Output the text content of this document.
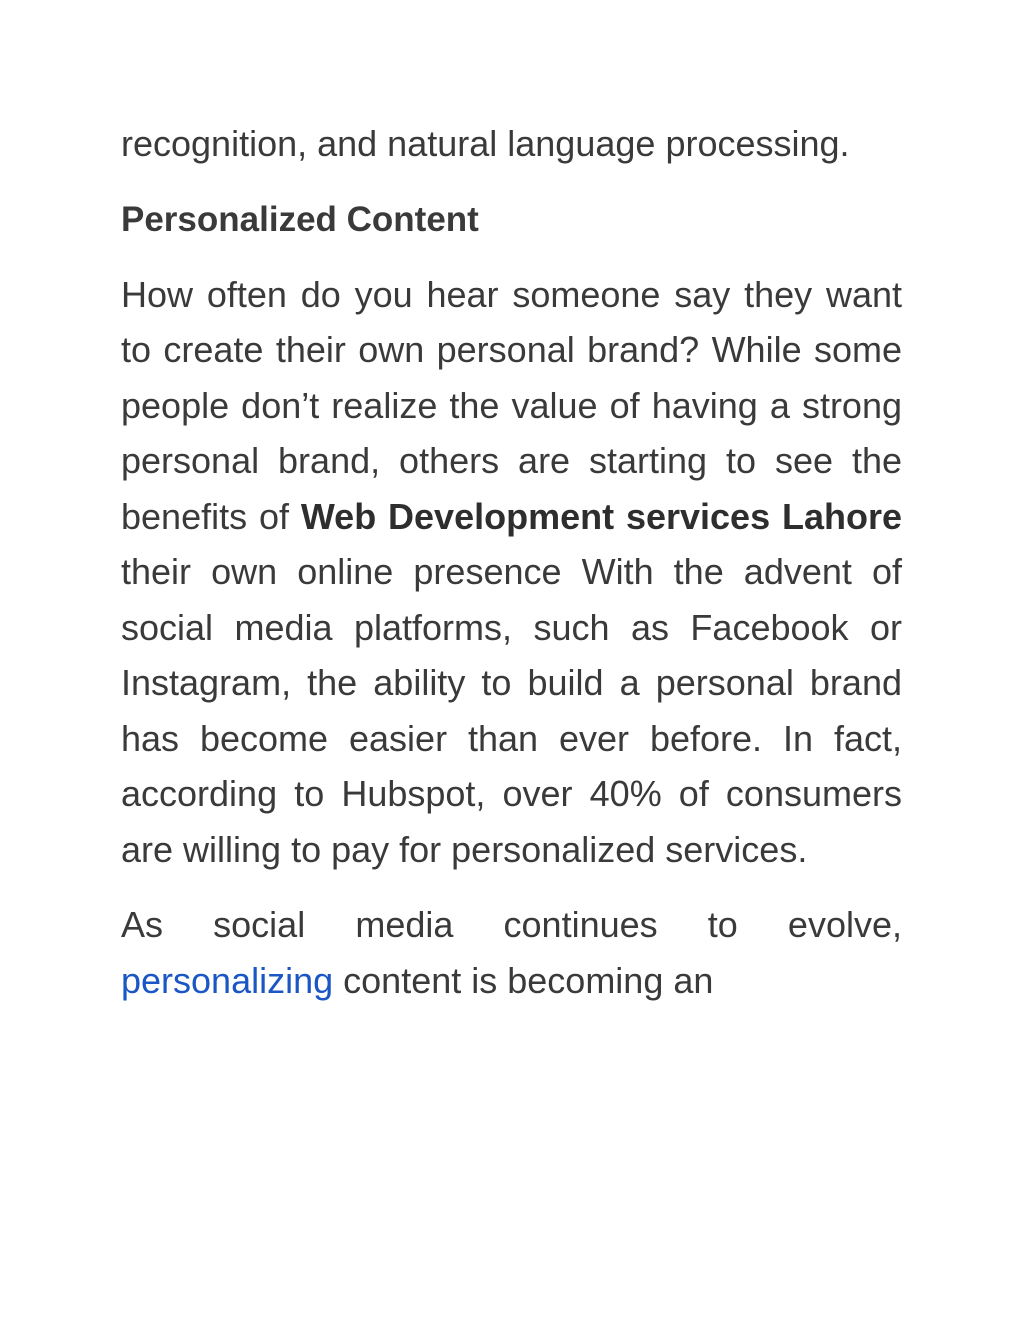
recognition, and natural language processing.

Personalized Content

How often do you hear someone say they want to create their own personal brand? While some people don’t realize the value of having a strong personal brand, others are starting to see the benefits of Web Development services Lahore their own online presence With the advent of social media platforms, such as Facebook or Instagram, the ability to build a personal brand has become easier than ever before. In fact, according to Hubspot, over 40% of consumers are willing to pay for personalized services.

As social media continues to evolve, personalizing content is becoming an
